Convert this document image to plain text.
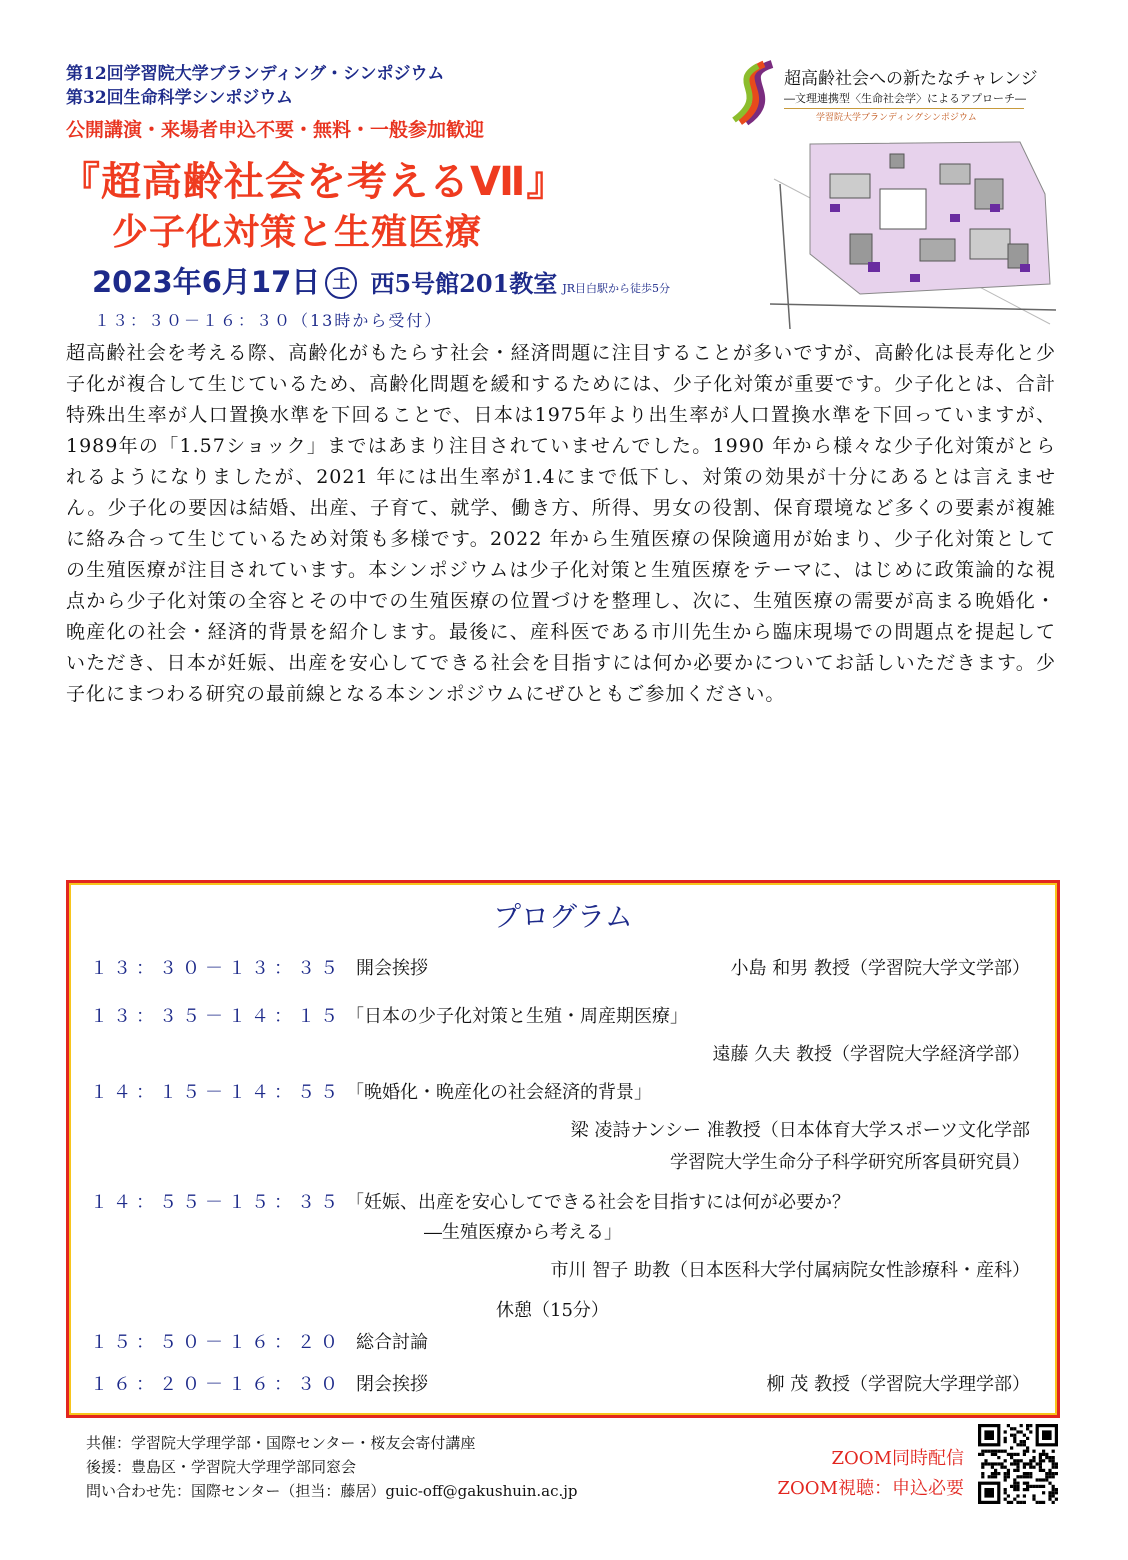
第12回学習院大学ブランディング・シンポジウム
第32回生命科学シンポジウム
公開講演・来場者申込不要・無料・一般参加歓迎
『超高齢社会を考えるⅦ』
少子化対策と生殖医療
2023年6月17日 土 西5号館201教室 JR目白駅から徒歩5分
１３：３０－１６：３０（13時から受付）
超高齢社会への新たなチャレンジ
―文理連携型〈生命社会学〉によるアプローチ―
学習院大学ブランディングシンポジウム
超高齢社会を考える際、高齢化がもたらす社会・経済問題に注目することが多いですが、高齢化は長寿化と少子化が複合して生じているため、高齢化問題を緩和するためには、少子化対策が重要です。少子化とは、合計特殊出生率が人口置換水準を下回ることで、日本は1975年より出生率が人口置換水準を下回っていますが、1989年の「1.57ショック」まではあまり注目されていませんでした。1990 年から様々な少子化対策がとられるようになりましたが、2021 年には出生率が1.4にまで低下し、対策の効果が十分にあるとは言えません。少子化の要因は結婚、出産、子育て、就学、働き方、所得、男女の役割、保育環境など多くの要素が複雑に絡み合って生じているため対策も多様です。2022 年から生殖医療の保険適用が始まり、少子化対策としての生殖医療が注目されています。本シンポジウムは少子化対策と生殖医療をテーマに、はじめに政策論的な視点から少子化対策の全容とその中での生殖医療の位置づけを整理し、次に、生殖医療の需要が高まる晩婚化・晩産化の社会・経済的背景を紹介します。最後に、産科医である市川先生から臨床現場での問題点を提起していただき、日本が妊娠、出産を安心してできる社会を目指すには何か必要かについてお話しいただきます。少子化にまつわる研究の最前線となる本シンポジウムにぜひともご参加ください。
プログラム
１３：３０－１３：３５ 開会挨拶	小島 和男 教授（学習院大学文学部）
１３：３５－１４：１５ 「日本の少子化対策と生殖・周産期医療」
遠藤 久夫 教授（学習院大学経済学部）
１４：１５－１４：５５ 「晩婚化・晩産化の社会経済的背景」
梁 凌詩ナンシー 准教授（日本体育大学スポーツ文化学部
学習院大学生命分子科学研究所客員研究員）
１４：５５－１５：３５ 「妊娠、出産を安心してできる社会を目指すには何が必要か？
―生殖医療から考える」
市川 智子 助教（日本医科大学付属病院女性診療科・産科）
休憩（15分）
１５：５０－１６：２０ 総合討論
１６：２０－１６：３０ 閉会挨拶	柳 茂 教授（学習院大学理学部）
共催：学習院大学理学部・国際センター・桜友会寄付講座
後援：豊島区・学習院大学理学部同窓会
問い合わせ先：国際センター（担当：藤居）guic-off@gakushuin.ac.jp
ZOOM同時配信
ZOOM視聴：申込必要
